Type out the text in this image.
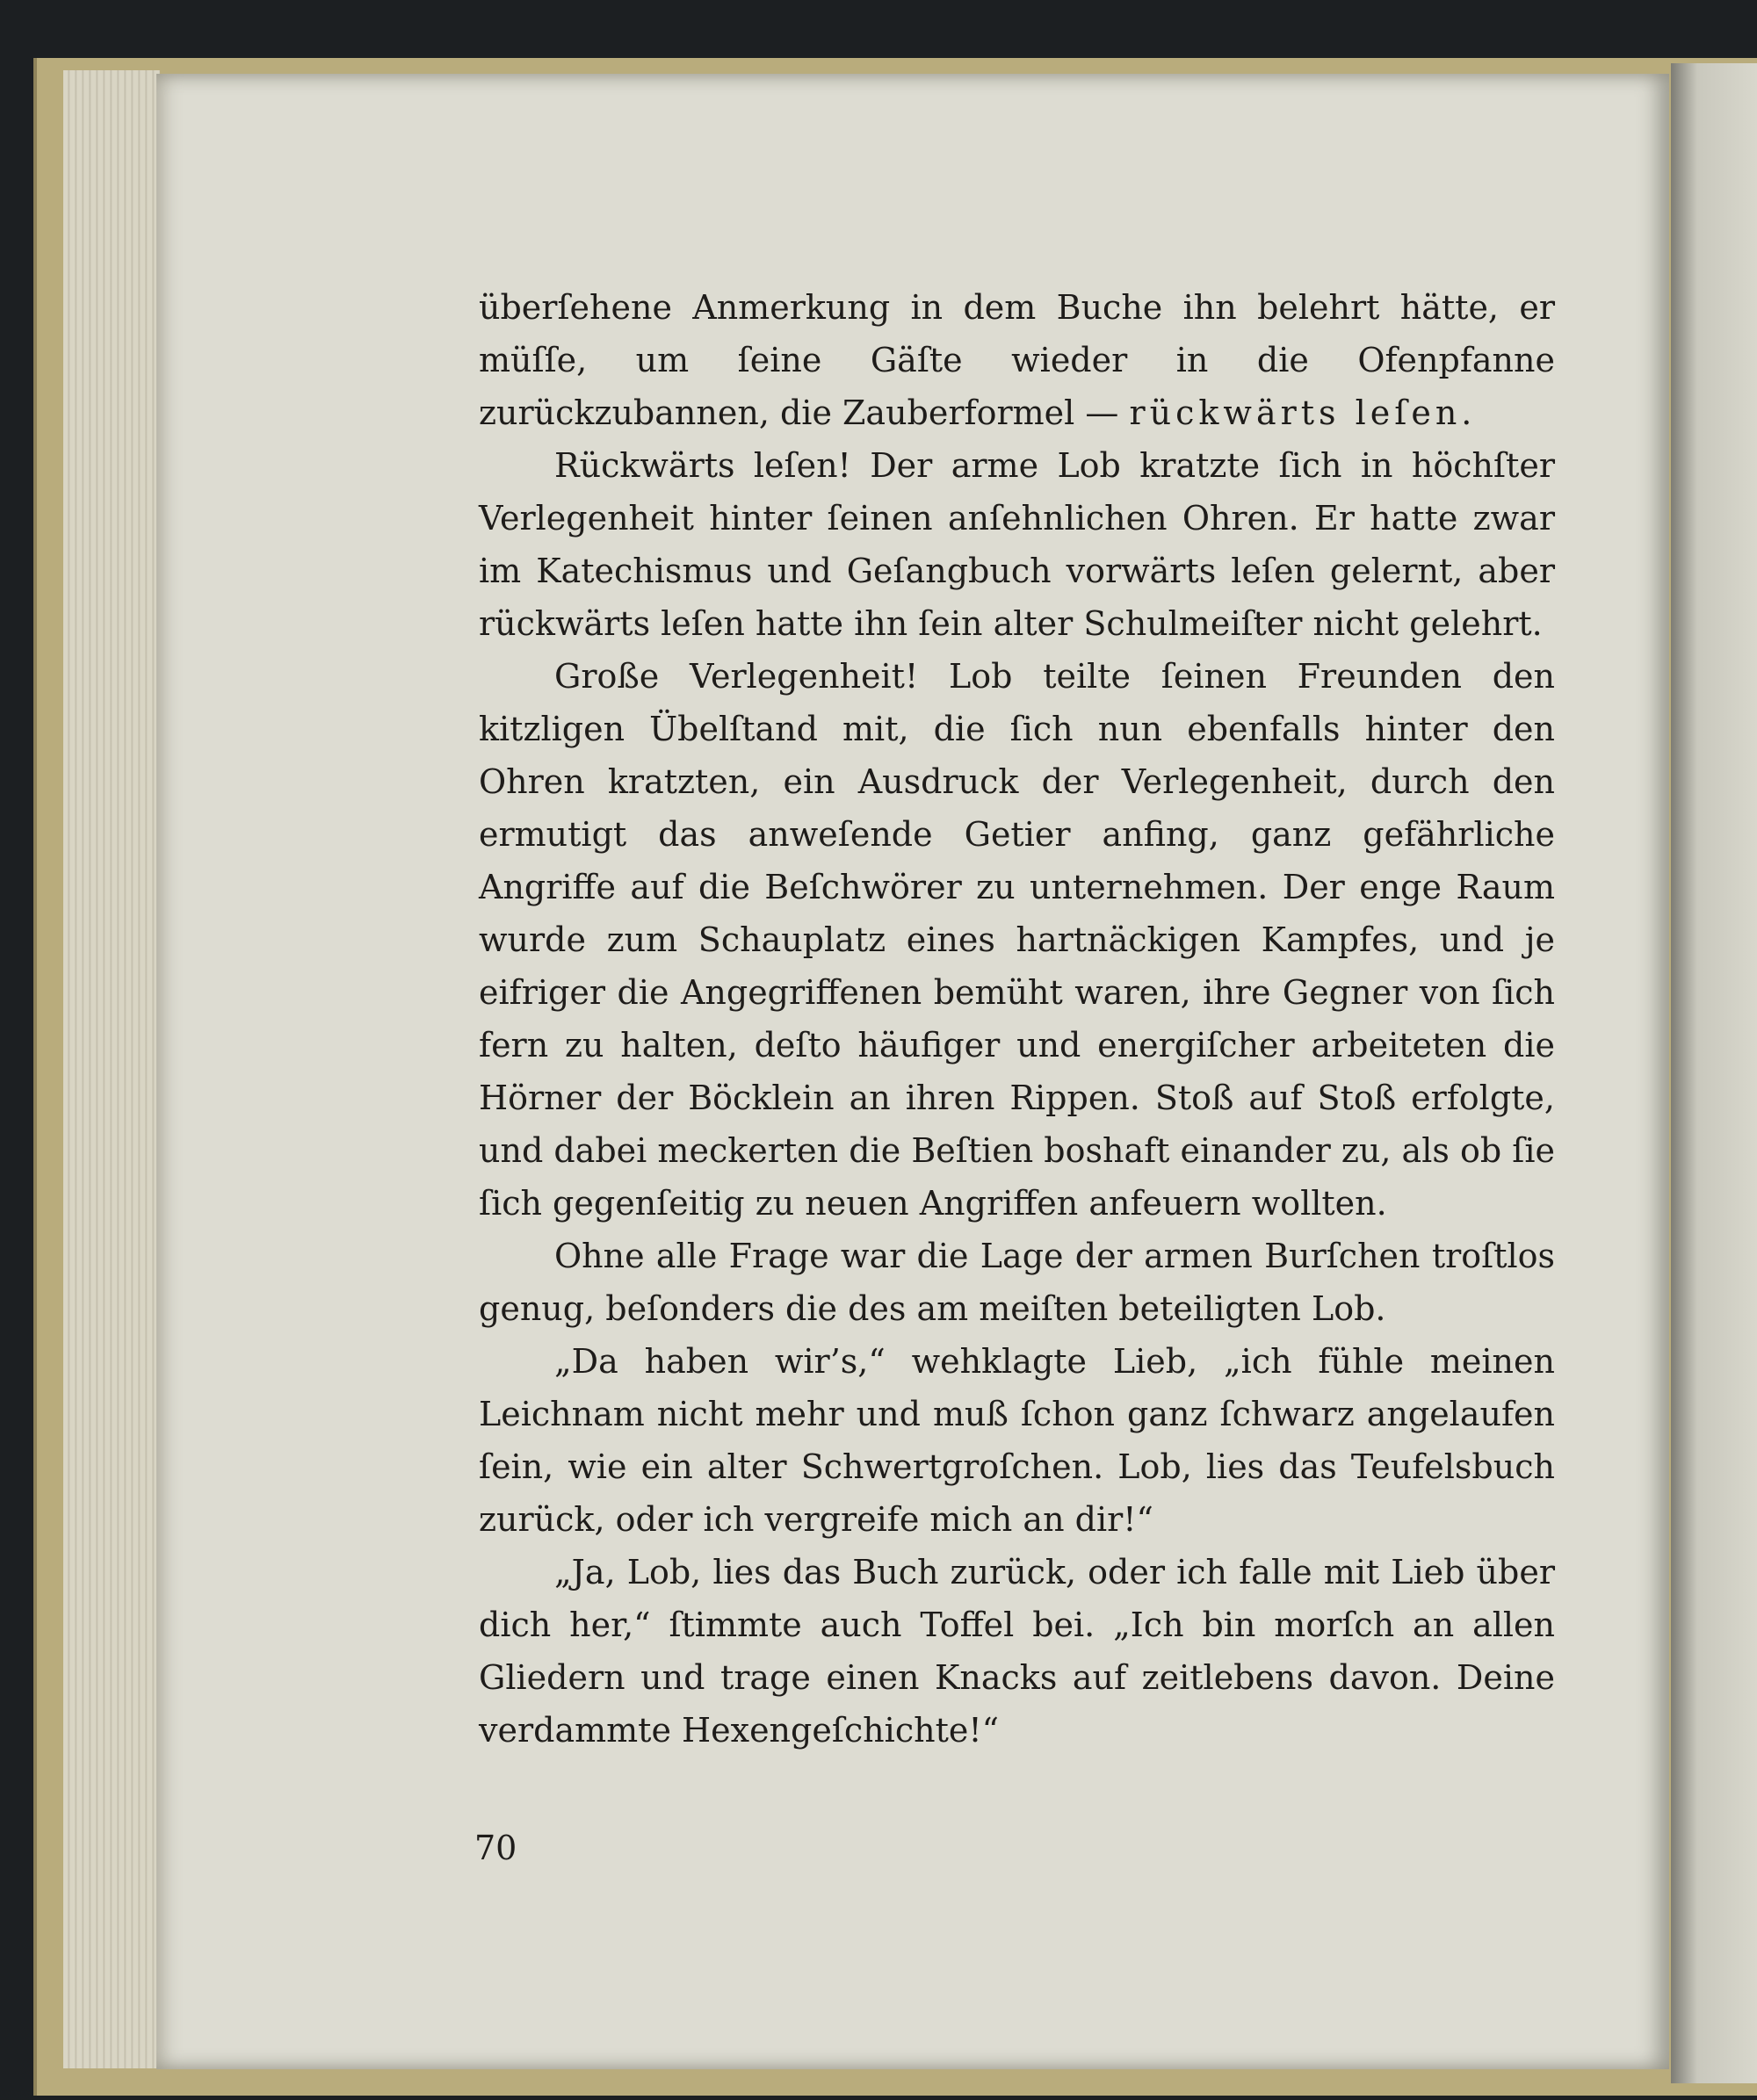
überſehene Anmerkung in dem Buche ihn belehrt hätte, er müſſe, um ſeine Gäſte wieder in die Ofenpfanne zurückzubannen, die Zauberformel — rückwärts leſen.

Rückwärts leſen! Der arme Lob kratzte ſich in höchſter Verlegenheit hinter ſeinen anſehnlichen Ohren. Er hatte zwar im Katechismus und Geſangbuch vorwärts leſen gelernt, aber rückwärts leſen hatte ihn ſein alter Schulmeiſter nicht gelehrt.

Große Verlegenheit! Lob teilte ſeinen Freunden den kitzligen Übelſtand mit, die ſich nun ebenfalls hinter den Ohren kratzten, ein Ausdruck der Verlegenheit, durch den ermutigt das anweſende Getier anfing, ganz gefährliche Angriffe auf die Beſchwörer zu unternehmen. Der enge Raum wurde zum Schauplatz eines hartnäckigen Kampfes, und je eifriger die Angegriffenen bemüht waren, ihre Gegner von ſich fern zu halten, deſto häufiger und energiſcher arbeiteten die Hörner der Böcklein an ihren Rippen. Stoß auf Stoß erfolgte, und dabei meckerten die Beſtien boshaft einander zu, als ob ſie ſich gegenſeitig zu neuen Angriffen anfeuern wollten.

Ohne alle Frage war die Lage der armen Burſchen troſtlos genug, beſonders die des am meiſten beteiligten Lob.

„Da haben wir’s,“ wehklagte Lieb, „ich fühle meinen Leichnam nicht mehr und muß ſchon ganz ſchwarz angelaufen ſein, wie ein alter Schwertgroſchen. Lob, lies das Teufelsbuch zurück, oder ich vergreife mich an dir!“

„Ja, Lob, lies das Buch zurück, oder ich falle mit Lieb über dich her,“ ſtimmte auch Toffel bei. „Ich bin morſch an allen Gliedern und trage einen Knacks auf zeitlebens davon. Deine verdammte Hexengeſchichte!“

70
